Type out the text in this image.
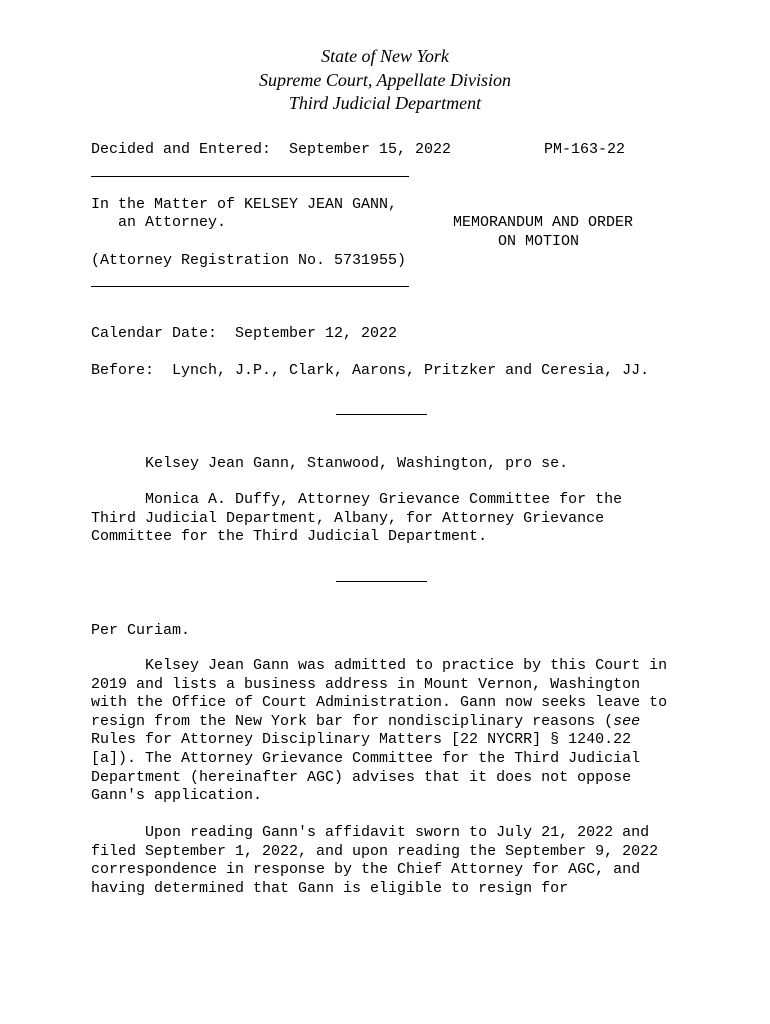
State of New York
Supreme Court, Appellate Division
Third Judicial Department
Decided and Entered:  September 15, 2022	PM-163-22
In the Matter of KELSEY JEAN GANN,
an Attorney.
(Attorney Registration No. 5731955)
MEMORANDUM AND ORDER
ON MOTION
Calendar Date:  September 12, 2022
Before:  Lynch, J.P., Clark, Aarons, Pritzker and Ceresia, JJ.
Kelsey Jean Gann, Stanwood, Washington, pro se.
Monica A. Duffy, Attorney Grievance Committee for the
Third Judicial Department, Albany, for Attorney Grievance
Committee for the Third Judicial Department.
Per Curiam.
Kelsey Jean Gann was admitted to practice by this Court in
2019 and lists a business address in Mount Vernon, Washington
with the Office of Court Administration. Gann now seeks leave to
resign from the New York bar for nondisciplinary reasons (see
Rules for Attorney Disciplinary Matters [22 NYCRR] § 1240.22
[a]). The Attorney Grievance Committee for the Third Judicial
Department (hereinafter AGC) advises that it does not oppose
Gann's application.
Upon reading Gann's affidavit sworn to July 21, 2022 and
filed September 1, 2022, and upon reading the September 9, 2022
correspondence in response by the Chief Attorney for AGC, and
having determined that Gann is eligible to resign for
